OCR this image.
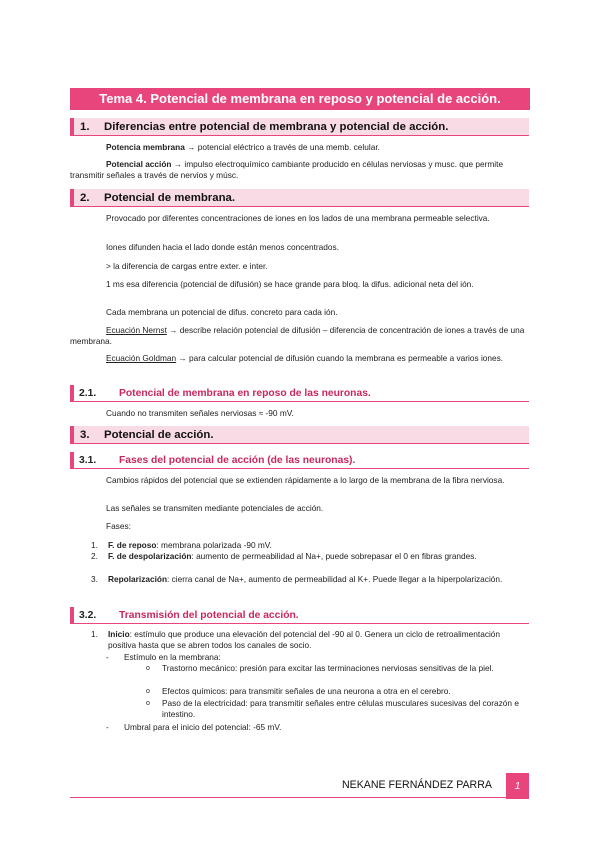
Tema 4. Potencial de membrana en reposo y potencial de acción.
1. Diferencias entre potencial de membrana y potencial de acción.
Potencia membrana → potencial eléctrico a través de una memb. celular.
Potencial acción → impulso electroquímico cambiante producido en células nerviosas y musc. que permite transmitir señales a través de nervios y músc.
2. Potencial de membrana.
Provocado por diferentes concentraciones de iones en los lados de una membrana permeable selectiva.
Iones difunden hacia el lado donde están menos concentrados.
> la diferencia de cargas entre exter. e inter.
1 ms esa diferencia (potencial de difusión) se hace grande para bloq. la difus. adicional neta del ión.
Cada membrana un potencial de difus. concreto para cada ión.
Ecuación Nernst → describe relación potencial de difusión – diferencia de concentración de iones a través de una membrana.
Ecuación Goldman → para calcular potencial de difusión cuando la membrana es permeable a varios iones.
2.1. Potencial de membrana en reposo de las neuronas.
Cuando no transmiten señales nerviosas ≈ -90 mV.
3. Potencial de acción.
3.1. Fases del potencial de acción (de las neuronas).
Cambios rápidos del potencial que se extienden rápidamente a lo largo de la membrana de la fibra nerviosa.
Las señales se transmiten mediante potenciales de acción.
Fases:
1. F. de reposo: membrana polarizada -90 mV.
2. F. de despolarización: aumento de permeabilidad al Na+, puede sobrepasar el 0 en fibras grandes.
3. Repolarización: cierra canal de Na+, aumento de permeabilidad al K+. Puede llegar a la hiperpolarización.
3.2. Transmisión del potencial de acción.
1. Inicio: estímulo que produce una elevación del potencial del -90 al 0. Genera un ciclo de retroalimentación positiva hasta que se abren todos los canales de socio.
- Estímulo en la membrana:
o Trastorno mecánico: presión para excitar las terminaciones nerviosas sensitivas de la piel.
o Efectos químicos: para transmitir señales de una neurona a otra en el cerebro.
o Paso de la electricidad: para transmitir señales entre células musculares sucesivas del corazón e intestino.
- Umbral para el inicio del potencial: -65 mV.
NEKANE FERNÁNDEZ PARRA	1
